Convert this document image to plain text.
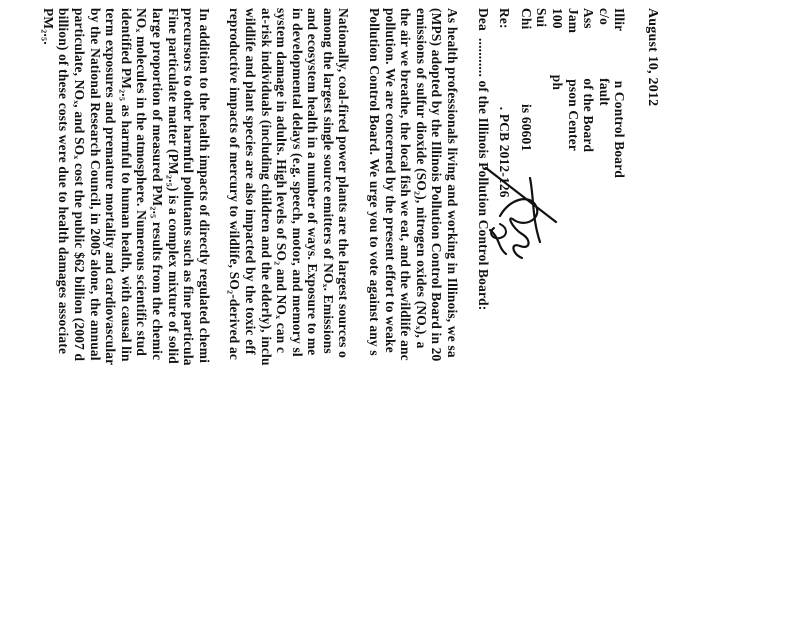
August 10, 2012
Illir              n Control Board
c/o               fault
Ass              of the Board
Jam             pson Center
100             ph
Sui
Chi                     is 60601
Re:                      . PCB 2012-126
Dea  ........... of the Illinois Pollution Control Board:
As health professionals living and working in Illinois, we sa
(MPS) adopted by the Illinois Pollution Control Board in 20
emissions of sulfur dioxide (SO₂), nitrogen oxides (NOₓ), a
the air we breathe, the local fish we eat, and the wildlife anc
pollution. We are concerned by the present effort to weake
Pollution Control Board. We urge you to vote against any s
Nationally, coal-fired power plants are the largest sources o
among the largest single source emitters of NOₓ. Emissions
and ecosystem health in a number of ways. Exposure to me
in developmental delays (e.g. speech, motor, and memory sl
system damage in adults. High levels of SO₂ and NOₓ can c
at-risk individuals (including children and the elderly), inclu
wildlife and plant species are also impacted by the toxic eff
reproductive impacts of mercury to wildlife, SO₂-derived ac
In addition to the health impacts of directly regulated chemi
precursors to other harmful pollutants such as fine particula
Fine particulate matter (PM₂.₅) is a complex mixture of solid
large proportion of measured PM₂.₅ results from the chemic
NOₓ molecules in the atmosphere. Numerous scientific stud
identified PM₂.₅ as harmful to human health, with causal lin
term exposures and premature mortality and cardiovascular
by the National Research Council, in 2005 alone, the annual
particulate, NOₓ, and SOₓ cost the public $62 billion (2007 d
billion) of these costs were due to health damages associate
PM₂.₅.
